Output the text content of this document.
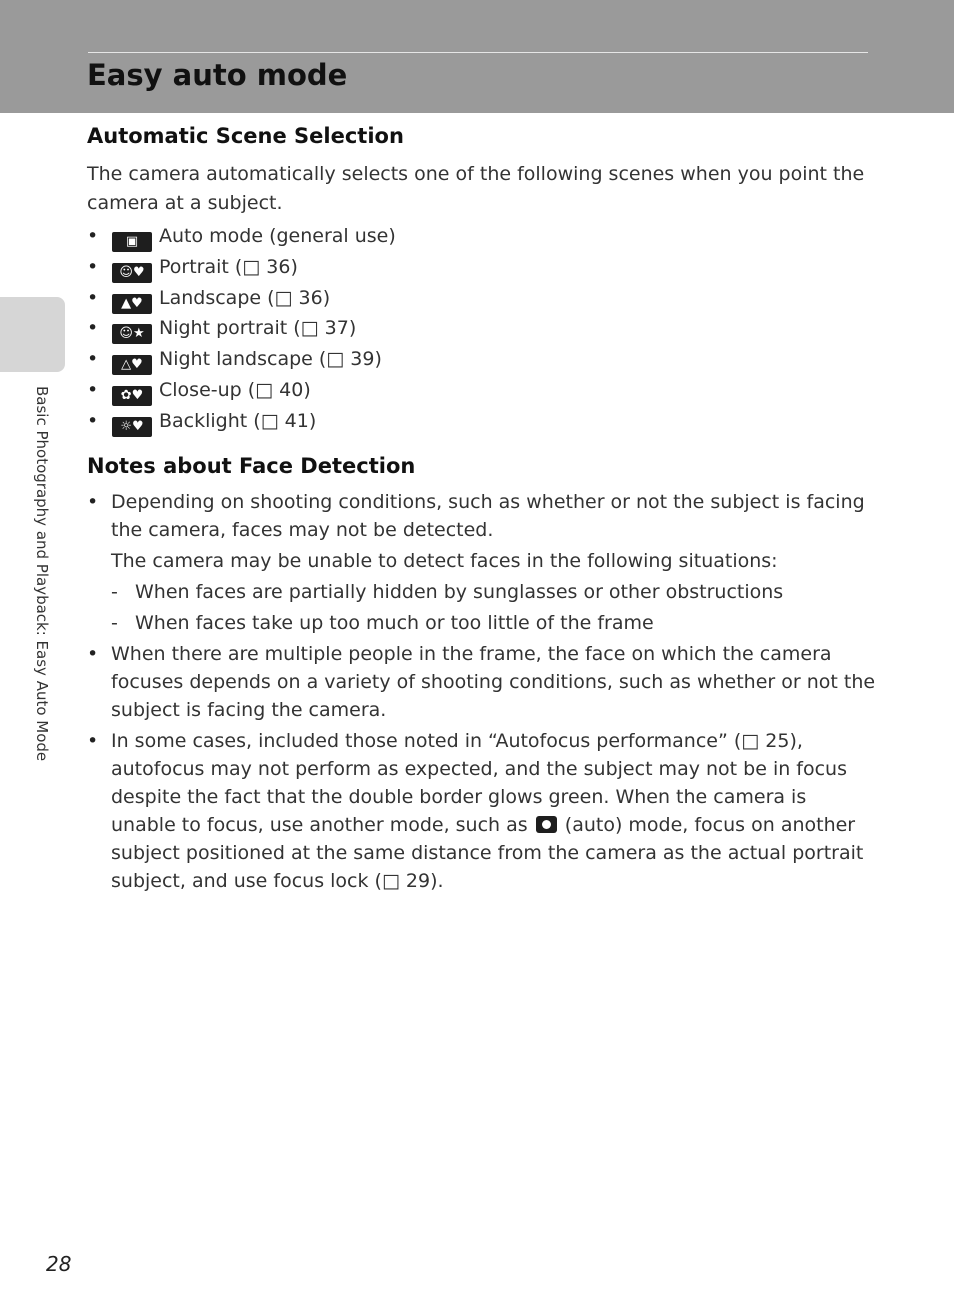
Easy auto mode
Basic Photography and Playback: Easy Auto Mode
Automatic Scene Selection

The camera automatically selects one of the following scenes when you point the camera at a subject.

• ▣ Auto mode (general use)
• ☺♥ Portrait (□ 36)
• ▲♥ Landscape (□ 36)
• ☺★ Night portrait (□ 37)
• △♥ Night landscape (□ 39)
• ✿♥ Close-up (□ 40)
• ☼♥ Backlight (□ 41)
Notes about Face Detection

• Depending on shooting conditions, such as whether or not the subject is facing the camera, faces may not be detected.

The camera may be unable to detect faces in the following situations:

- When faces are partially hidden by sunglasses or other obstructions
- When faces take up too much or too little of the frame

• When there are multiple people in the frame, the face on which the camera focuses depends on a variety of shooting conditions, such as whether or not the subject is facing the camera.

• In some cases, included those noted in “Autofocus performance” (□ 25), autofocus may not perform as expected, and the subject may not be in focus despite the fact that the double border glows green. When the camera is unable to focus, use another mode, such as (auto) mode, focus on another subject positioned at the same distance from the camera as the actual portrait subject, and use focus lock (□ 29).

28
